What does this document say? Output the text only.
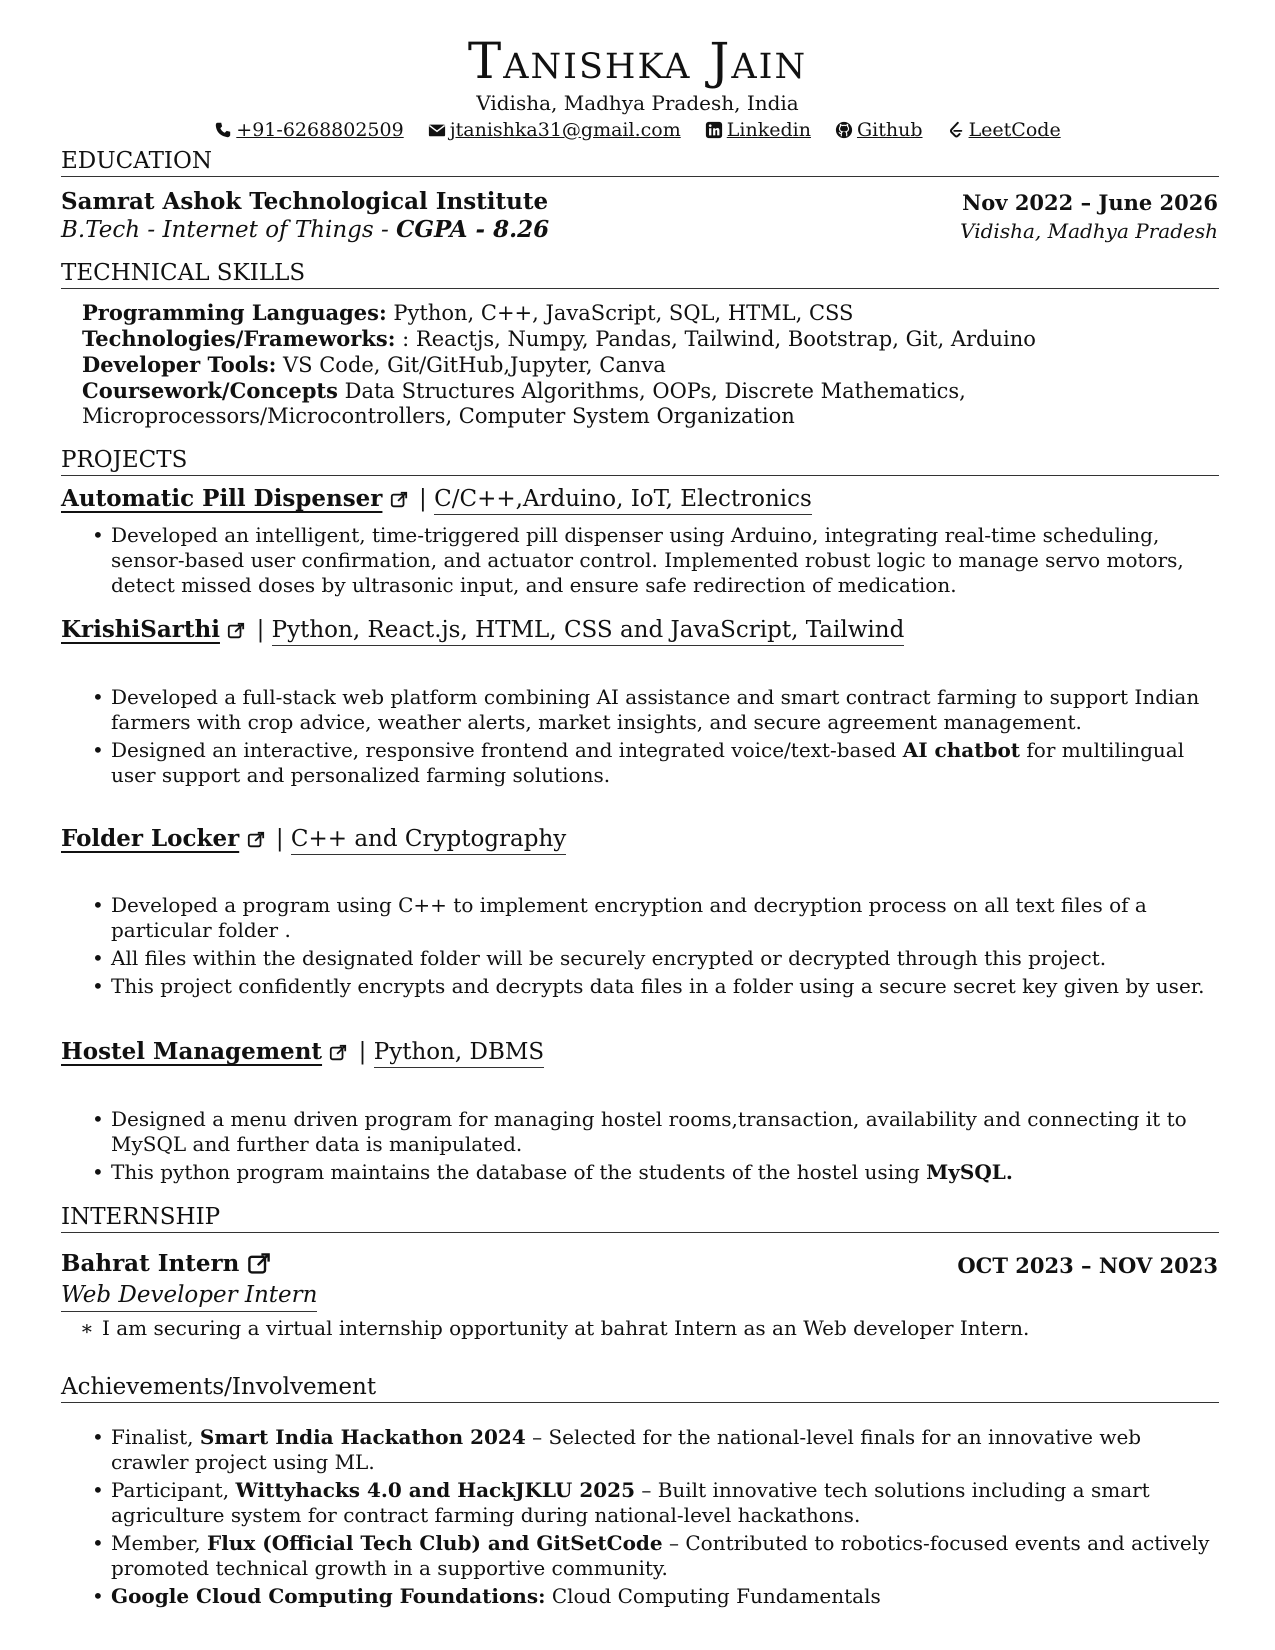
Tanishka Jain
Vidisha, Madhya Pradesh, India
+91-6268802509 jtanishka31@gmail.com Linkedin Github LeetCode
EDUCATION
Samrat Ashok Technological Institute	Nov 2022 – June 2026
B.Tech - Internet of Things - CGPA - 8.26	Vidisha, Madhya Pradesh
TECHNICAL SKILLS
Programming Languages: Python, C++, JavaScript, SQL, HTML, CSS
Technologies/Frameworks: : Reactjs, Numpy, Pandas, Tailwind, Bootstrap, Git, Arduino
Developer Tools: VS Code, Git/GitHub,Jupyter, Canva
Coursework/Concepts Data Structures Algorithms, OOPs, Discrete Mathematics, Microprocessors/Microcontrollers, Computer System Organization
PROJECTS
Automatic Pill Dispenser  | C/C++,Arduino, IoT, Electronics
• Developed an intelligent, time-triggered pill dispenser using Arduino, integrating real-time scheduling, sensor-based user confirmation, and actuator control. Implemented robust logic to manage servo motors, detect missed doses by ultrasonic input, and ensure safe redirection of medication.
KrishiSarthi  | Python, React.js, HTML, CSS and JavaScript, Tailwind
• Developed a full-stack web platform combining AI assistance and smart contract farming to support Indian farmers with crop advice, weather alerts, market insights, and secure agreement management.
• Designed an interactive, responsive frontend and integrated voice/text-based AI chatbot for multilingual user support and personalized farming solutions.
Folder Locker  | C++ and Cryptography
• Developed a program using C++ to implement encryption and decryption process on all text files of a particular folder .
• All files within the designated folder will be securely encrypted or decrypted through this project.
• This project confidently encrypts and decrypts data files in a folder using a secure secret key given by user.
Hostel Management  | Python, DBMS
• Designed a menu driven program for managing hostel rooms,transaction, availability and connecting it to MySQL and further data is manipulated.
• This python program maintains the database of the students of the hostel using MySQL.
INTERNSHIP
Bahrat Intern	OCT 2023 – NOV 2023
Web Developer Intern
∗ I am securing a virtual internship opportunity at bahrat Intern as an Web developer Intern.
Achievements/Involvement
• Finalist, Smart India Hackathon 2024 – Selected for the national-level finals for an innovative web crawler project using ML.
• Participant, Wittyhacks 4.0 and HackJKLU 2025 – Built innovative tech solutions including a smart agriculture system for contract farming during national-level hackathons.
• Member, Flux (Official Tech Club) and GitSetCode – Contributed to robotics-focused events and actively promoted technical growth in a supportive community.
• Google Cloud Computing Foundations: Cloud Computing Fundamentals
